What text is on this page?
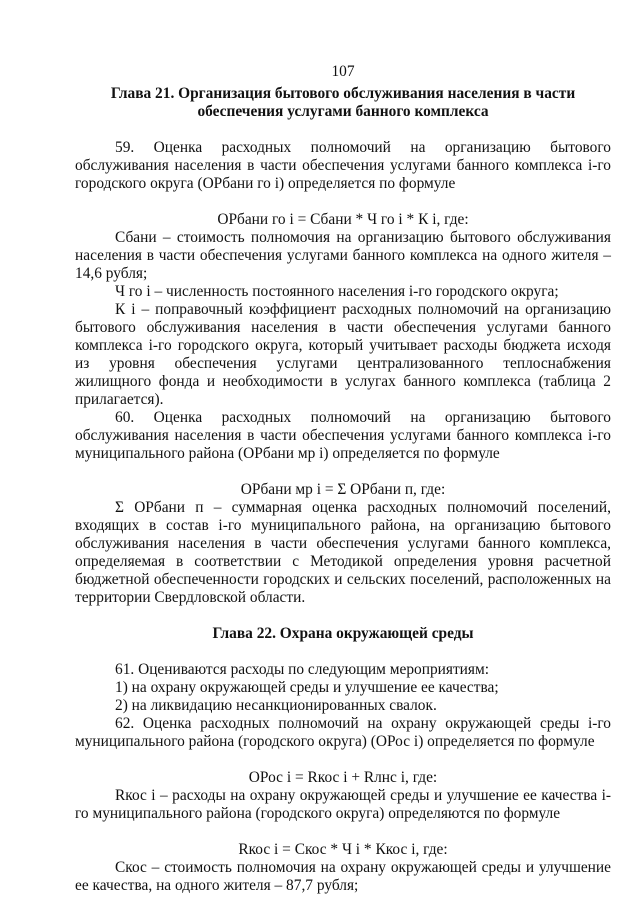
107
Глава 21. Организация бытового обслуживания населения в части обеспечения услугами банного комплекса

59. Оценка расходных полномочий на организацию бытового обслуживания населения в части обеспечения услугами банного комплекса i-го городского округа (ОРбани го i) определяется по формуле

ОРбани го i = Сбани * Ч го i * К i, где:

Сбани – стоимость полномочия на организацию бытового обслуживания населения в части обеспечения услугами банного комплекса на одного жителя – 14,6 рубля;

Ч го i – численность постоянного населения i-го городского округа;

К i – поправочный коэффициент расходных полномочий на организацию бытового обслуживания населения в части обеспечения услугами банного комплекса i-го городского округа, который учитывает расходы бюджета исходя из уровня обеспечения услугами централизованного теплоснабжения жилищного фонда и необходимости в услугах банного комплекса (таблица 2 прилагается).

60. Оценка расходных полномочий на организацию бытового обслуживания населения в части обеспечения услугами банного комплекса i-го муниципального района (ОРбани мр i) определяется по формуле

ОРбани мр i = Σ ОРбани п, где:

Σ ОРбани п – суммарная оценка расходных полномочий поселений, входящих в состав i-го муниципального района, на организацию бытового обслуживания населения в части обеспечения услугами банного комплекса, определяемая в соответствии с Методикой определения уровня расчетной бюджетной обеспеченности городских и сельских поселений, расположенных на территории Свердловской области.

Глава 22. Охрана окружающей среды

61. Оцениваются расходы по следующим мероприятиям:

1) на охрану окружающей среды и улучшение ее качества;

2) на ликвидацию несанкционированных свалок.

62. Оценка расходных полномочий на охрану окружающей среды i-го муниципального района (городского округа) (ОРос i) определяется по формуле

ОРос i = Rкос i + Rлнс i, где:

Rкос i – расходы на охрану окружающей среды и улучшение ее качества i-го муниципального района (городского округа) определяются по формуле

Rкос i = Скос * Ч i * Ккос i, где:

Скос – стоимость полномочия на охрану окружающей среды и улучшение ее качества, на одного жителя – 87,7 рубля;
